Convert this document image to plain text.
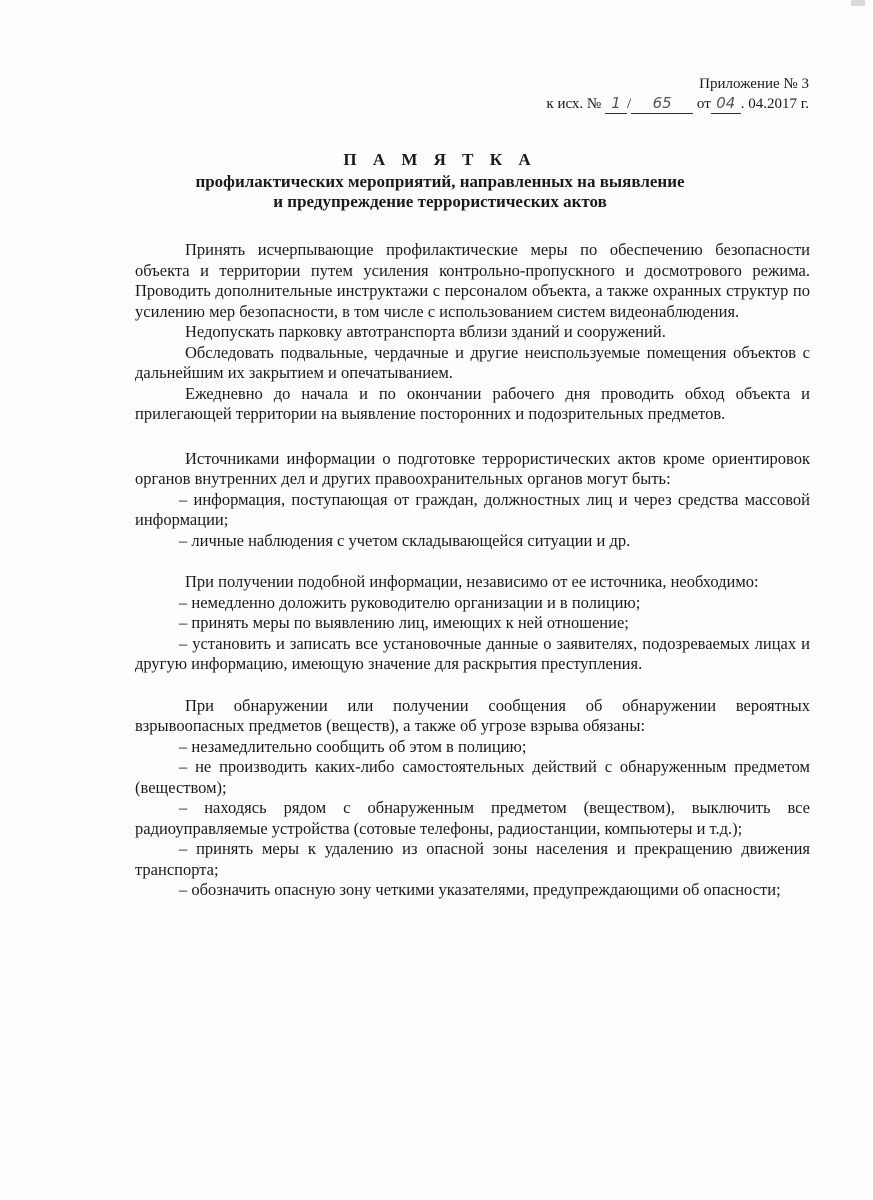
Приложение № 3
к исх. № 1 / 65 от 04 . 04.2017 г.
П А М Я Т К А
профилактических мероприятий, направленных на выявление
и предупреждение террористических актов

Принять исчерпывающие профилактические меры по обеспечению безопасности объекта и территории путем усиления контрольно-пропускного и досмотрового режима. Проводить дополнительные инструктажи с персоналом объекта, а также охранных структур по усилению мер безопасности, в том числе с использованием систем видеонаблюдения.

Недопускать парковку автотранспорта вблизи зданий и сооружений.

Обследовать подвальные, чердачные и другие неиспользуемые помещения объектов с дальнейшим их закрытием и опечатыванием.

Ежедневно до начала и по окончании рабочего дня проводить обход объекта и прилегающей территории на выявление посторонних и подозрительных предметов.

Источниками информации о подготовке террористических актов кроме ориентировок органов внутренних дел и других правоохранительных органов могут быть:

– информация, поступающая от граждан, должностных лиц и через средства массовой информации;

– личные наблюдения с учетом складывающейся ситуации и др.

При получении подобной информации, независимо от ее источника, необходимо:

– немедленно доложить руководителю организации и в полицию;

– принять меры по выявлению лиц, имеющих к ней отношение;

– установить и записать все установочные данные о заявителях, подозреваемых лицах и другую информацию, имеющую значение для раскрытия преступления.

При обнаружении или получении сообщения об обнаружении вероятных взрывоопасных предметов (веществ), а также об угрозе взрыва обязаны:

– незамедлительно сообщить об этом в полицию;

– не производить каких-либо самостоятельных действий с обнаруженным предметом (веществом);

– находясь рядом с обнаруженным предметом (веществом), выключить все радиоуправляемые устройства (сотовые телефоны, радиостанции, компьютеры и т.д.);

– принять меры к удалению из опасной зоны населения и прекращению движения транспорта;

– обозначить опасную зону четкими указателями, предупреждающими об опасности;
